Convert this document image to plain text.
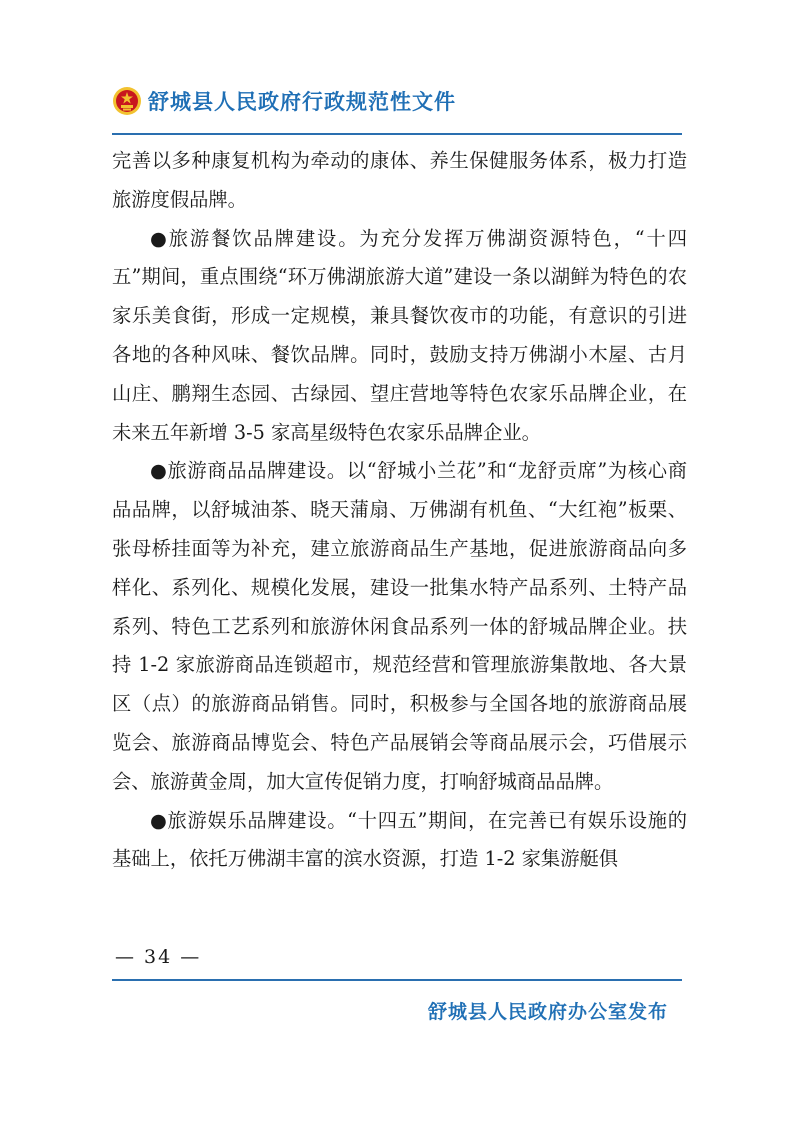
舒城县人民政府行政规范性文件

完善以多种康复机构为牵动的康体、养生保健服务体系，极力打造旅游度假品牌。

●旅游餐饮品牌建设。为充分发挥万佛湖资源特色，“十四五”期间，重点围绕“环万佛湖旅游大道”建设一条以湖鲜为特色的农家乐美食街，形成一定规模，兼具餐饮夜市的功能，有意识的引进各地的各种风味、餐饮品牌。同时，鼓励支持万佛湖小木屋、古月山庄、鹏翔生态园、古绿园、望庄营地等特色农家乐品牌企业，在未来五年新增 3-5 家高星级特色农家乐品牌企业。

●旅游商品品牌建设。以“舒城小兰花”和“龙舒贡席”为核心商品品牌，以舒城油茶、晓天蒲扇、万佛湖有机鱼、“大红袍”板栗、张母桥挂面等为补充，建立旅游商品生产基地，促进旅游商品向多样化、系列化、规模化发展，建设一批集水特产品系列、土特产品系列、特色工艺系列和旅游休闲食品系列一体的舒城品牌企业。扶持 1-2 家旅游商品连锁超市，规范经营和管理旅游集散地、各大景区（点）的旅游商品销售。同时，积极参与全国各地的旅游商品展览会、旅游商品博览会、特色产品展销会等商品展示会，巧借展示会、旅游黄金周，加大宣传促销力度，打响舒城商品品牌。

●旅游娱乐品牌建设。“十四五”期间，在完善已有娱乐设施的基础上，依托万佛湖丰富的滨水资源，打造 1-2 家集游艇俱

— 34 —
舒城县人民政府办公室发布
